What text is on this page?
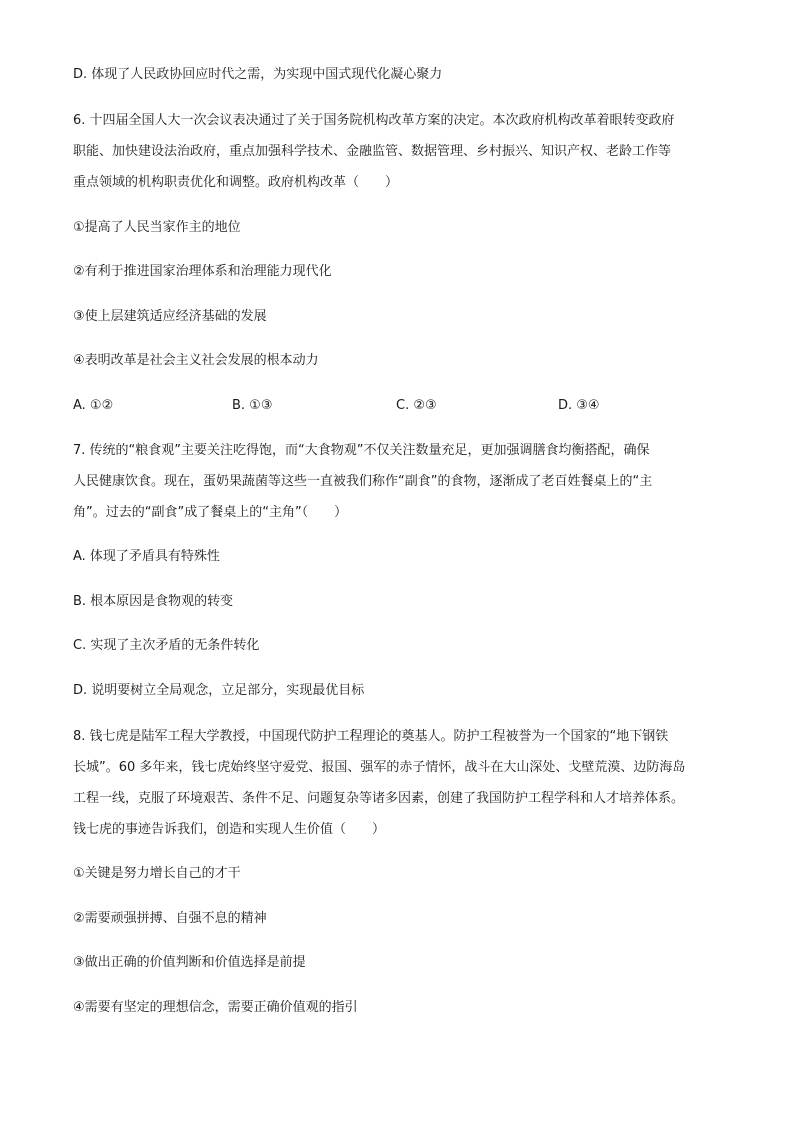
D. 体现了人民政协回应时代之需，为实现中国式现代化凝心聚力
6. 十四届全国人大一次会议表决通过了关于国务院机构改革方案的决定。本次政府机构改革着眼转变政府
职能、加快建设法治政府，重点加强科学技术、金融监管、数据管理、乡村振兴、知识产权、老龄工作等
重点领域的机构职责优化和调整。政府机构改革（　　）
①提高了人民当家作主的地位
②有利于推进国家治理体系和治理能力现代化
③使上层建筑适应经济基础的发展
④表明改革是社会主义社会发展的根本动力
A. ①②	B. ①③	C. ②③	D. ③④
7. 传统的“粮食观”主要关注吃得饱，而“大食物观”不仅关注数量充足，更加强调膳食均衡搭配，确保
人民健康饮食。现在，蛋奶果蔬菌等这些一直被我们称作“副食”的食物，逐渐成了老百姓餐桌上的“主
角”。过去的“副食”成了餐桌上的“主角”（　　）
A. 体现了矛盾具有特殊性
B. 根本原因是食物观的转变
C. 实现了主次矛盾的无条件转化
D. 说明要树立全局观念，立足部分，实现最优目标
8. 钱七虎是陆军工程大学教授，中国现代防护工程理论的奠基人。防护工程被誉为一个国家的“地下钢铁
长城”。60 多年来，钱七虎始终坚守爱党、报国、强军的赤子情怀，战斗在大山深处、戈壁荒漠、边防海岛
工程一线，克服了环境艰苦、条件不足、问题复杂等诸多因素，创建了我国防护工程学科和人才培养体系。
钱七虎的事迹告诉我们，创造和实现人生价值（　　）
①关键是努力增长自己的才干
②需要顽强拼搏、自强不息的精神
③做出正确的价值判断和价值选择是前提
④需要有坚定的理想信念，需要正确价值观的指引
